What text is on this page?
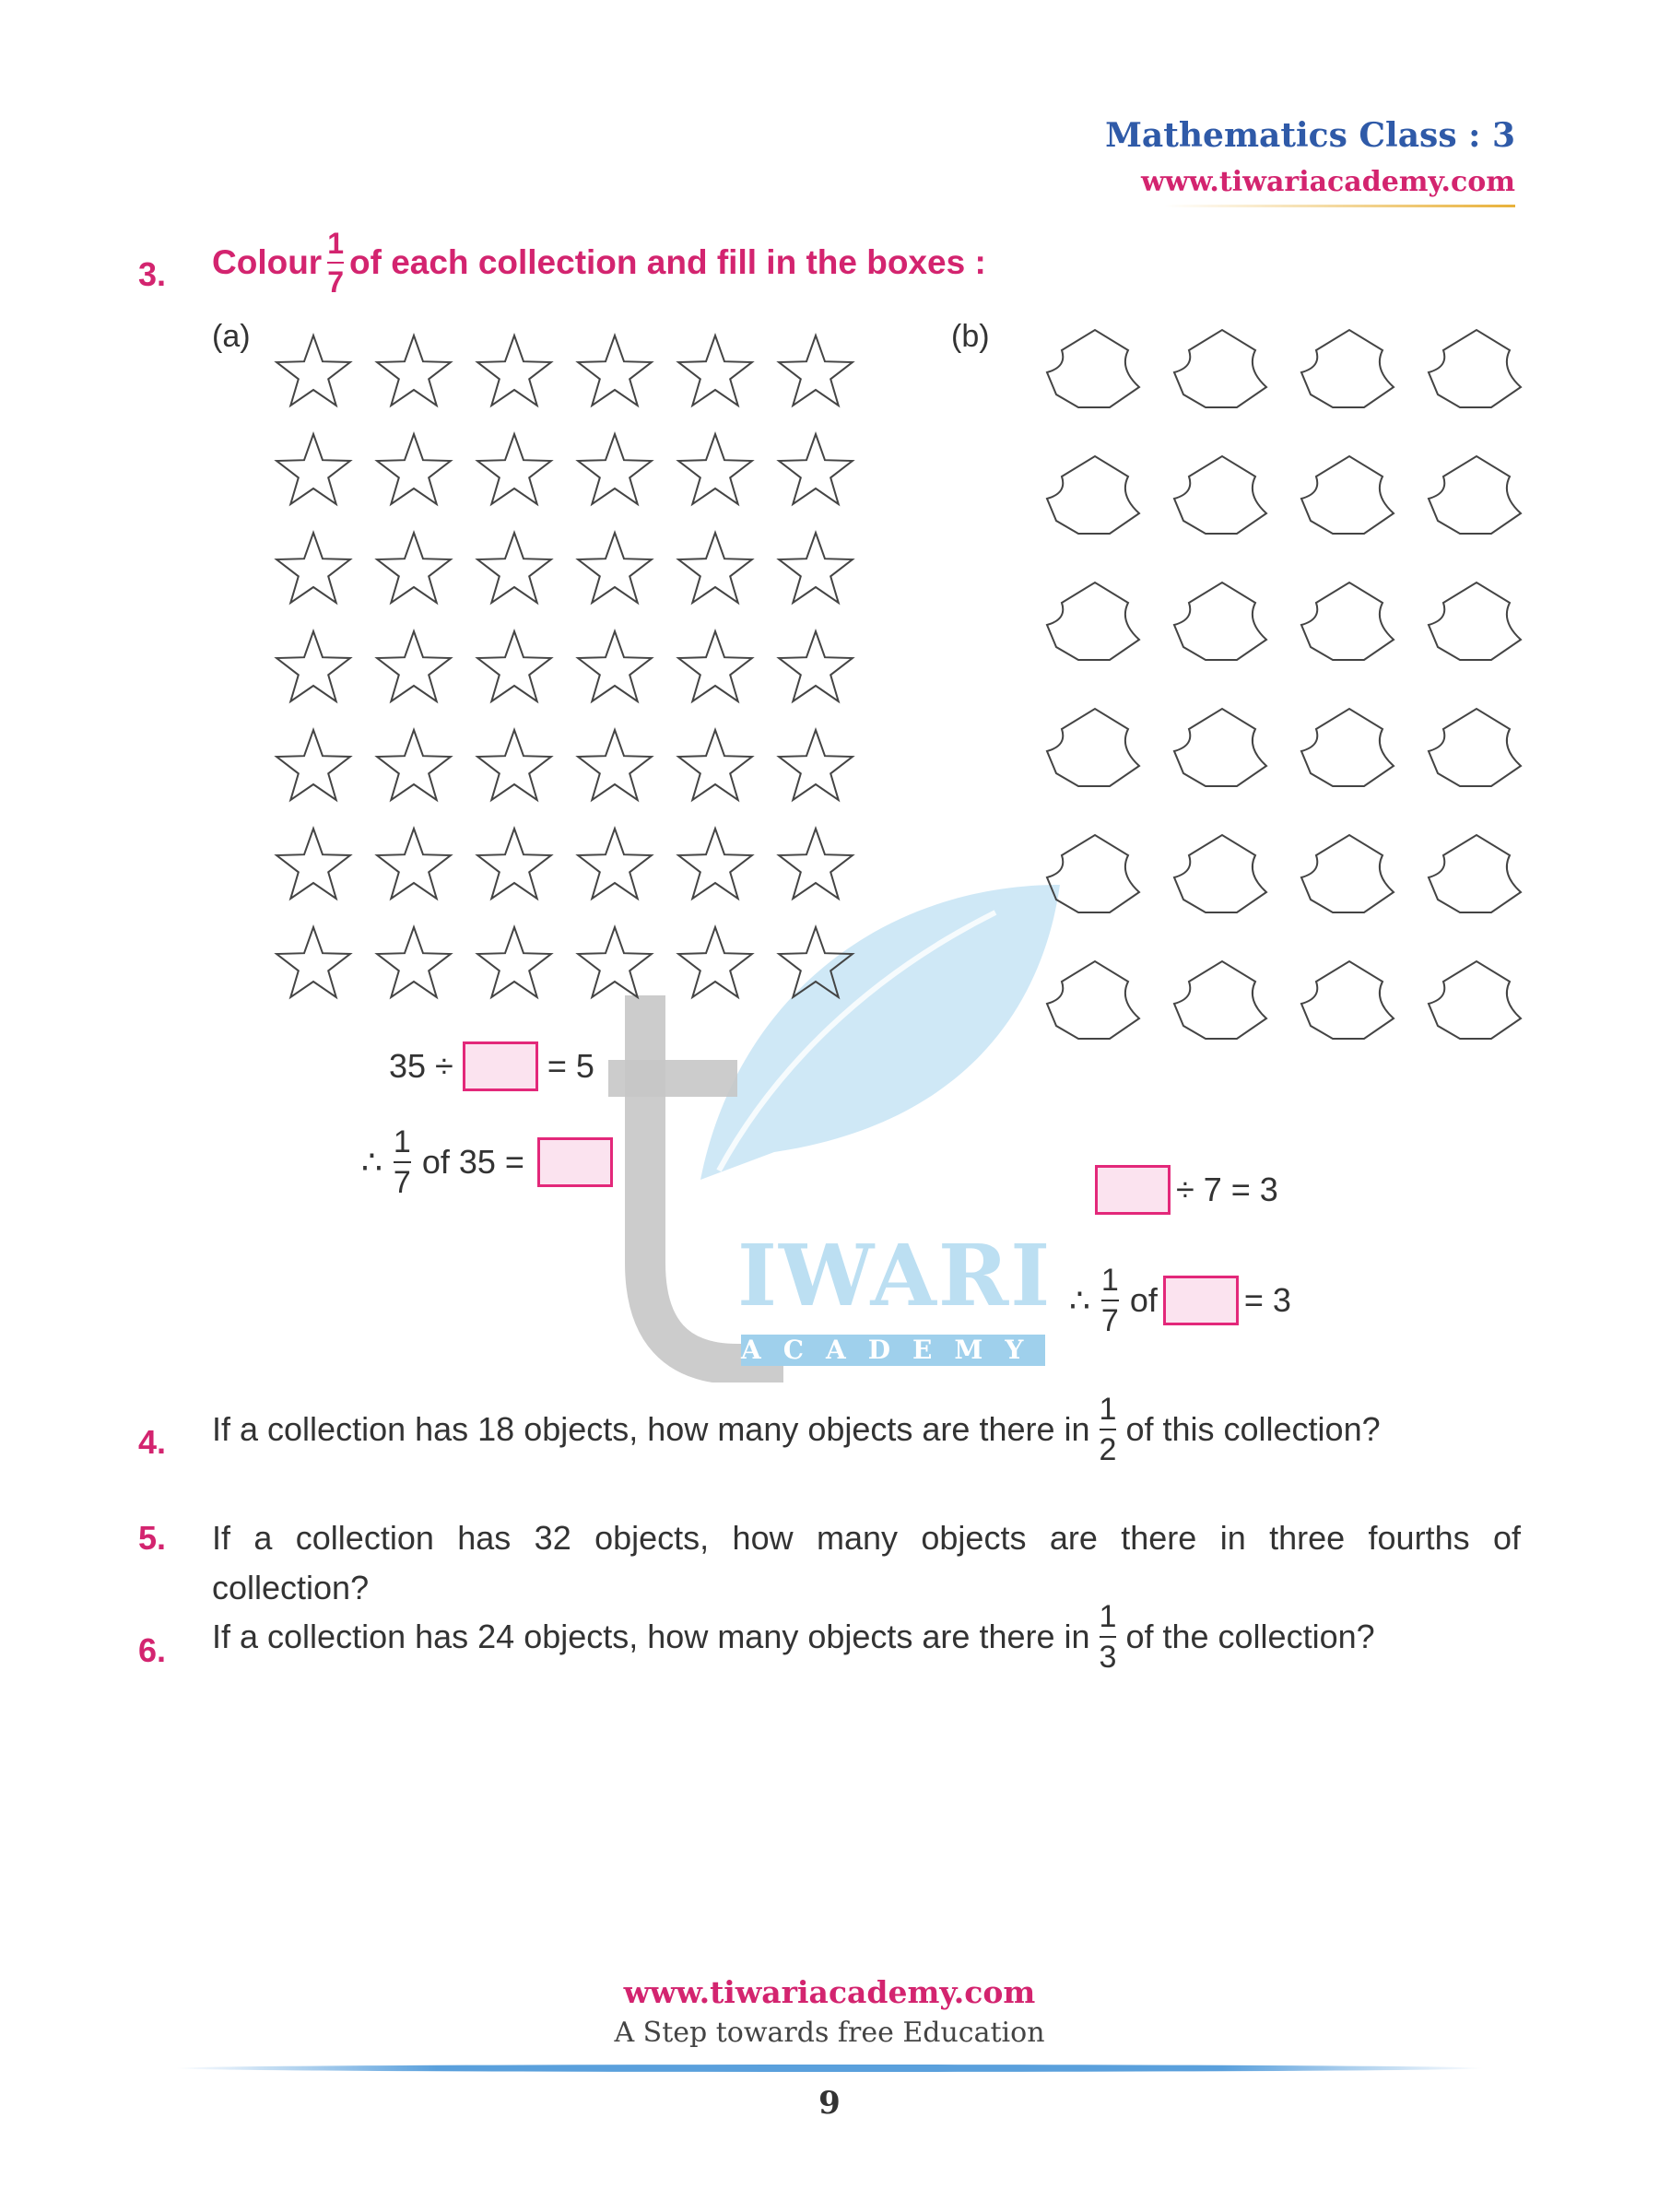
Mathematics Class : 3
www.tiwariacademy.com
IWARI
ACADEMY
3. Colour $\frac{1}{7}$ of each collection and fill in the boxes :
(a)
35 ÷	= 5
∴ $\frac{1}{7}$ of 35 =
(b)
÷ 7 = 3
∴ $\frac{1}{7}$ of	= 3
4. If a collection has 18 objects, how many objects are there in $\frac{1}{2}$ of this collection?
5. If a collection has 32 objects, how many objects are there in three fourths of
collection?
6. If a collection has 24 objects, how many objects are there in $\frac{1}{3}$ of the collection?
www.tiwariacademy.com
A Step towards free Education
9
